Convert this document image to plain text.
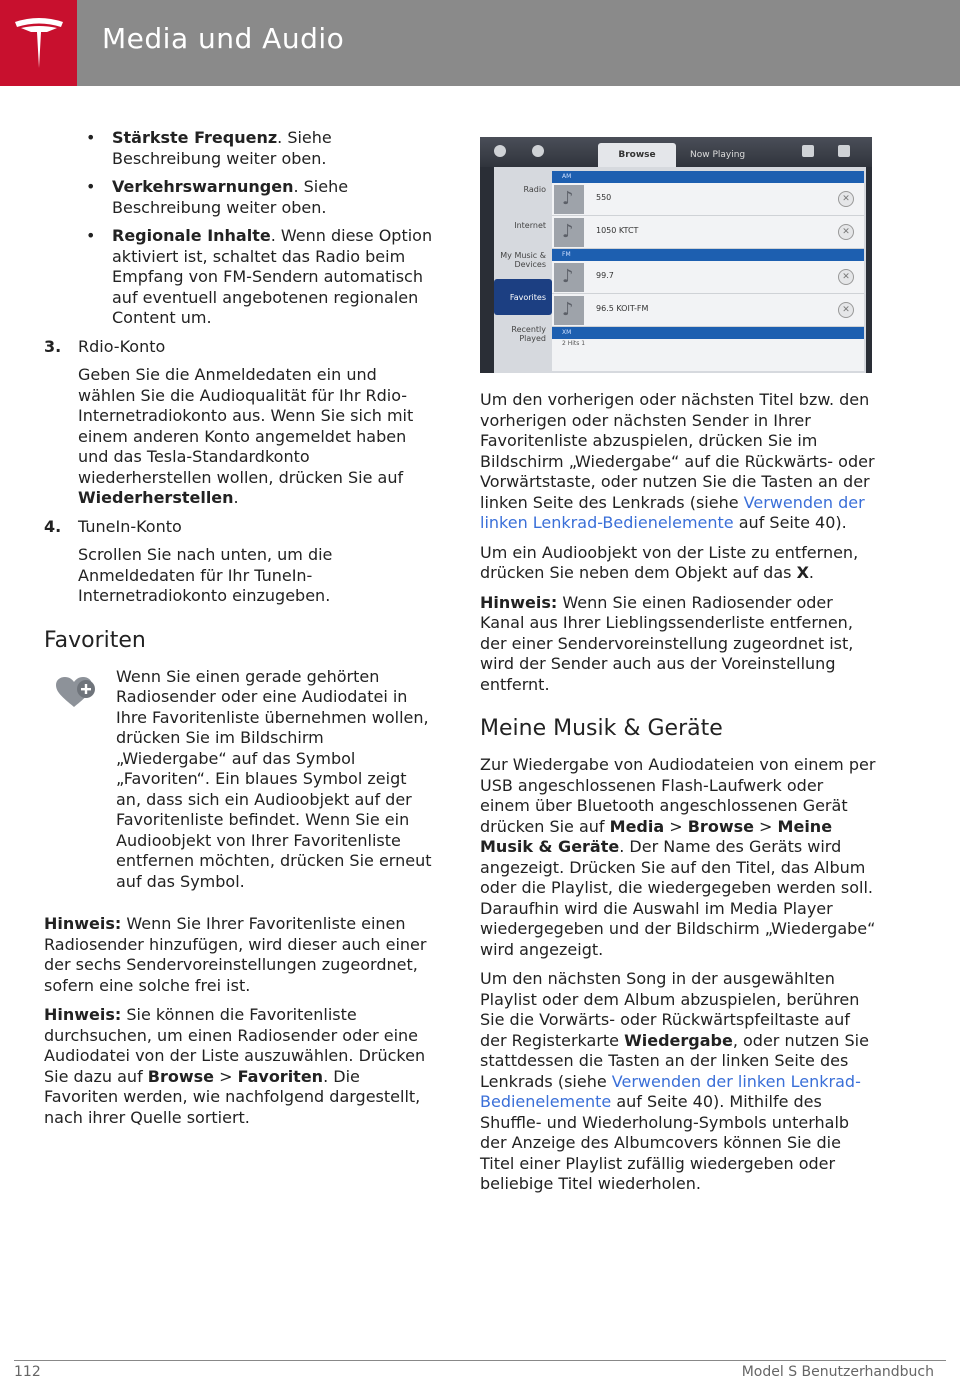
Media und Audio
Browse	Now Playing
Radio
Internet
My Music & Devices
Favorites
Recently Played
AM
♪	550	✕
♪	1050 KTCT	✕
FM
♪	99.7	✕
♪	96.5 KOIT-FM	✕
XM
2 Hits 1
• Stärkste Frequenz. Siehe Beschreibung weiter oben.
• Verkehrswarnungen. Siehe Beschreibung weiter oben.
• Regionale Inhalte. Wenn diese Option aktiviert ist, schaltet das Radio beim Empfang von FM-Sendern automatisch auf eventuell angebotenen regionalen Content um.
3. Rdio-Konto
Geben Sie die Anmeldedaten ein und wählen Sie die Audioqualität für Ihr Rdio-Internetradiokonto aus. Wenn Sie sich mit einem anderen Konto angemeldet haben und das Tesla-Standardkonto wiederherstellen wollen, drücken Sie auf Wiederherstellen.
4. TuneIn-Konto
Scrollen Sie nach unten, um die Anmeldedaten für Ihr TuneIn-Internetradiokonto einzugeben.
Favoriten
Wenn Sie einen gerade gehörten Radiosender oder eine Audiodatei in Ihre Favoritenliste übernehmen wollen, drücken Sie im Bildschirm „Wiedergabe“ auf das Symbol „Favoriten“. Ein blaues Symbol zeigt an, dass sich ein Audioobjekt auf der Favoritenliste befindet. Wenn Sie ein Audioobjekt von Ihrer Favoritenliste entfernen möchten, drücken Sie erneut auf das Symbol.

Hinweis: Wenn Sie Ihrer Favoritenliste einen Radiosender hinzufügen, wird dieser auch einer der sechs Sendervoreinstellungen zugeordnet, sofern eine solche frei ist.

Hinweis: Sie können die Favoritenliste durchsuchen, um einen Radiosender oder eine Audiodatei von der Liste auszuwählen. Drücken Sie dazu auf Browse > Favoriten. Die Favoriten werden, wie nachfolgend dargestellt, nach ihrer Quelle sortiert.

Um den vorherigen oder nächsten Titel bzw. den vorherigen oder nächsten Sender in Ihrer Favoritenliste abzuspielen, drücken Sie im Bildschirm „Wiedergabe“ auf die Rückwärts- oder Vorwärtstaste, oder nutzen Sie die Tasten an der linken Seite des Lenkrads (siehe Verwenden der linken Lenkrad-Bedienelemente auf Seite 40).

Um ein Audioobjekt von der Liste zu entfernen, drücken Sie neben dem Objekt auf das X.

Hinweis: Wenn Sie einen Radiosender oder Kanal aus Ihrer Lieblingssenderliste entfernen, der einer Sendervoreinstellung zugeordnet ist, wird der Sender auch aus der Voreinstellung entfernt.

Meine Musik & Geräte

Zur Wiedergabe von Audiodateien von einem per USB angeschlossenen Flash-Laufwerk oder einem über Bluetooth angeschlossenen Gerät drücken Sie auf Media > Browse > Meine Musik & Geräte. Der Name des Geräts wird angezeigt. Drücken Sie auf den Titel, das Album oder die Playlist, die wiedergegeben werden soll. Daraufhin wird die Auswahl im Media Player wiedergegeben und der Bildschirm „Wiedergabe“ wird angezeigt.

Um den nächsten Song in der ausgewählten Playlist oder dem Album abzuspielen, berühren Sie die Vorwärts- oder Rückwärtspfeiltaste auf der Registerkarte Wiedergabe, oder nutzen Sie stattdessen die Tasten an der linken Seite des Lenkrads (siehe Verwenden der linken Lenkrad-Bedienelemente auf Seite 40). Mithilfe des Shuffle- und Wiederholung-Symbols unterhalb der Anzeige des Albumcovers können Sie die Titel einer Playlist zufällig wiedergeben oder beliebige Titel wiederholen.

112	Model S Benutzerhandbuch
